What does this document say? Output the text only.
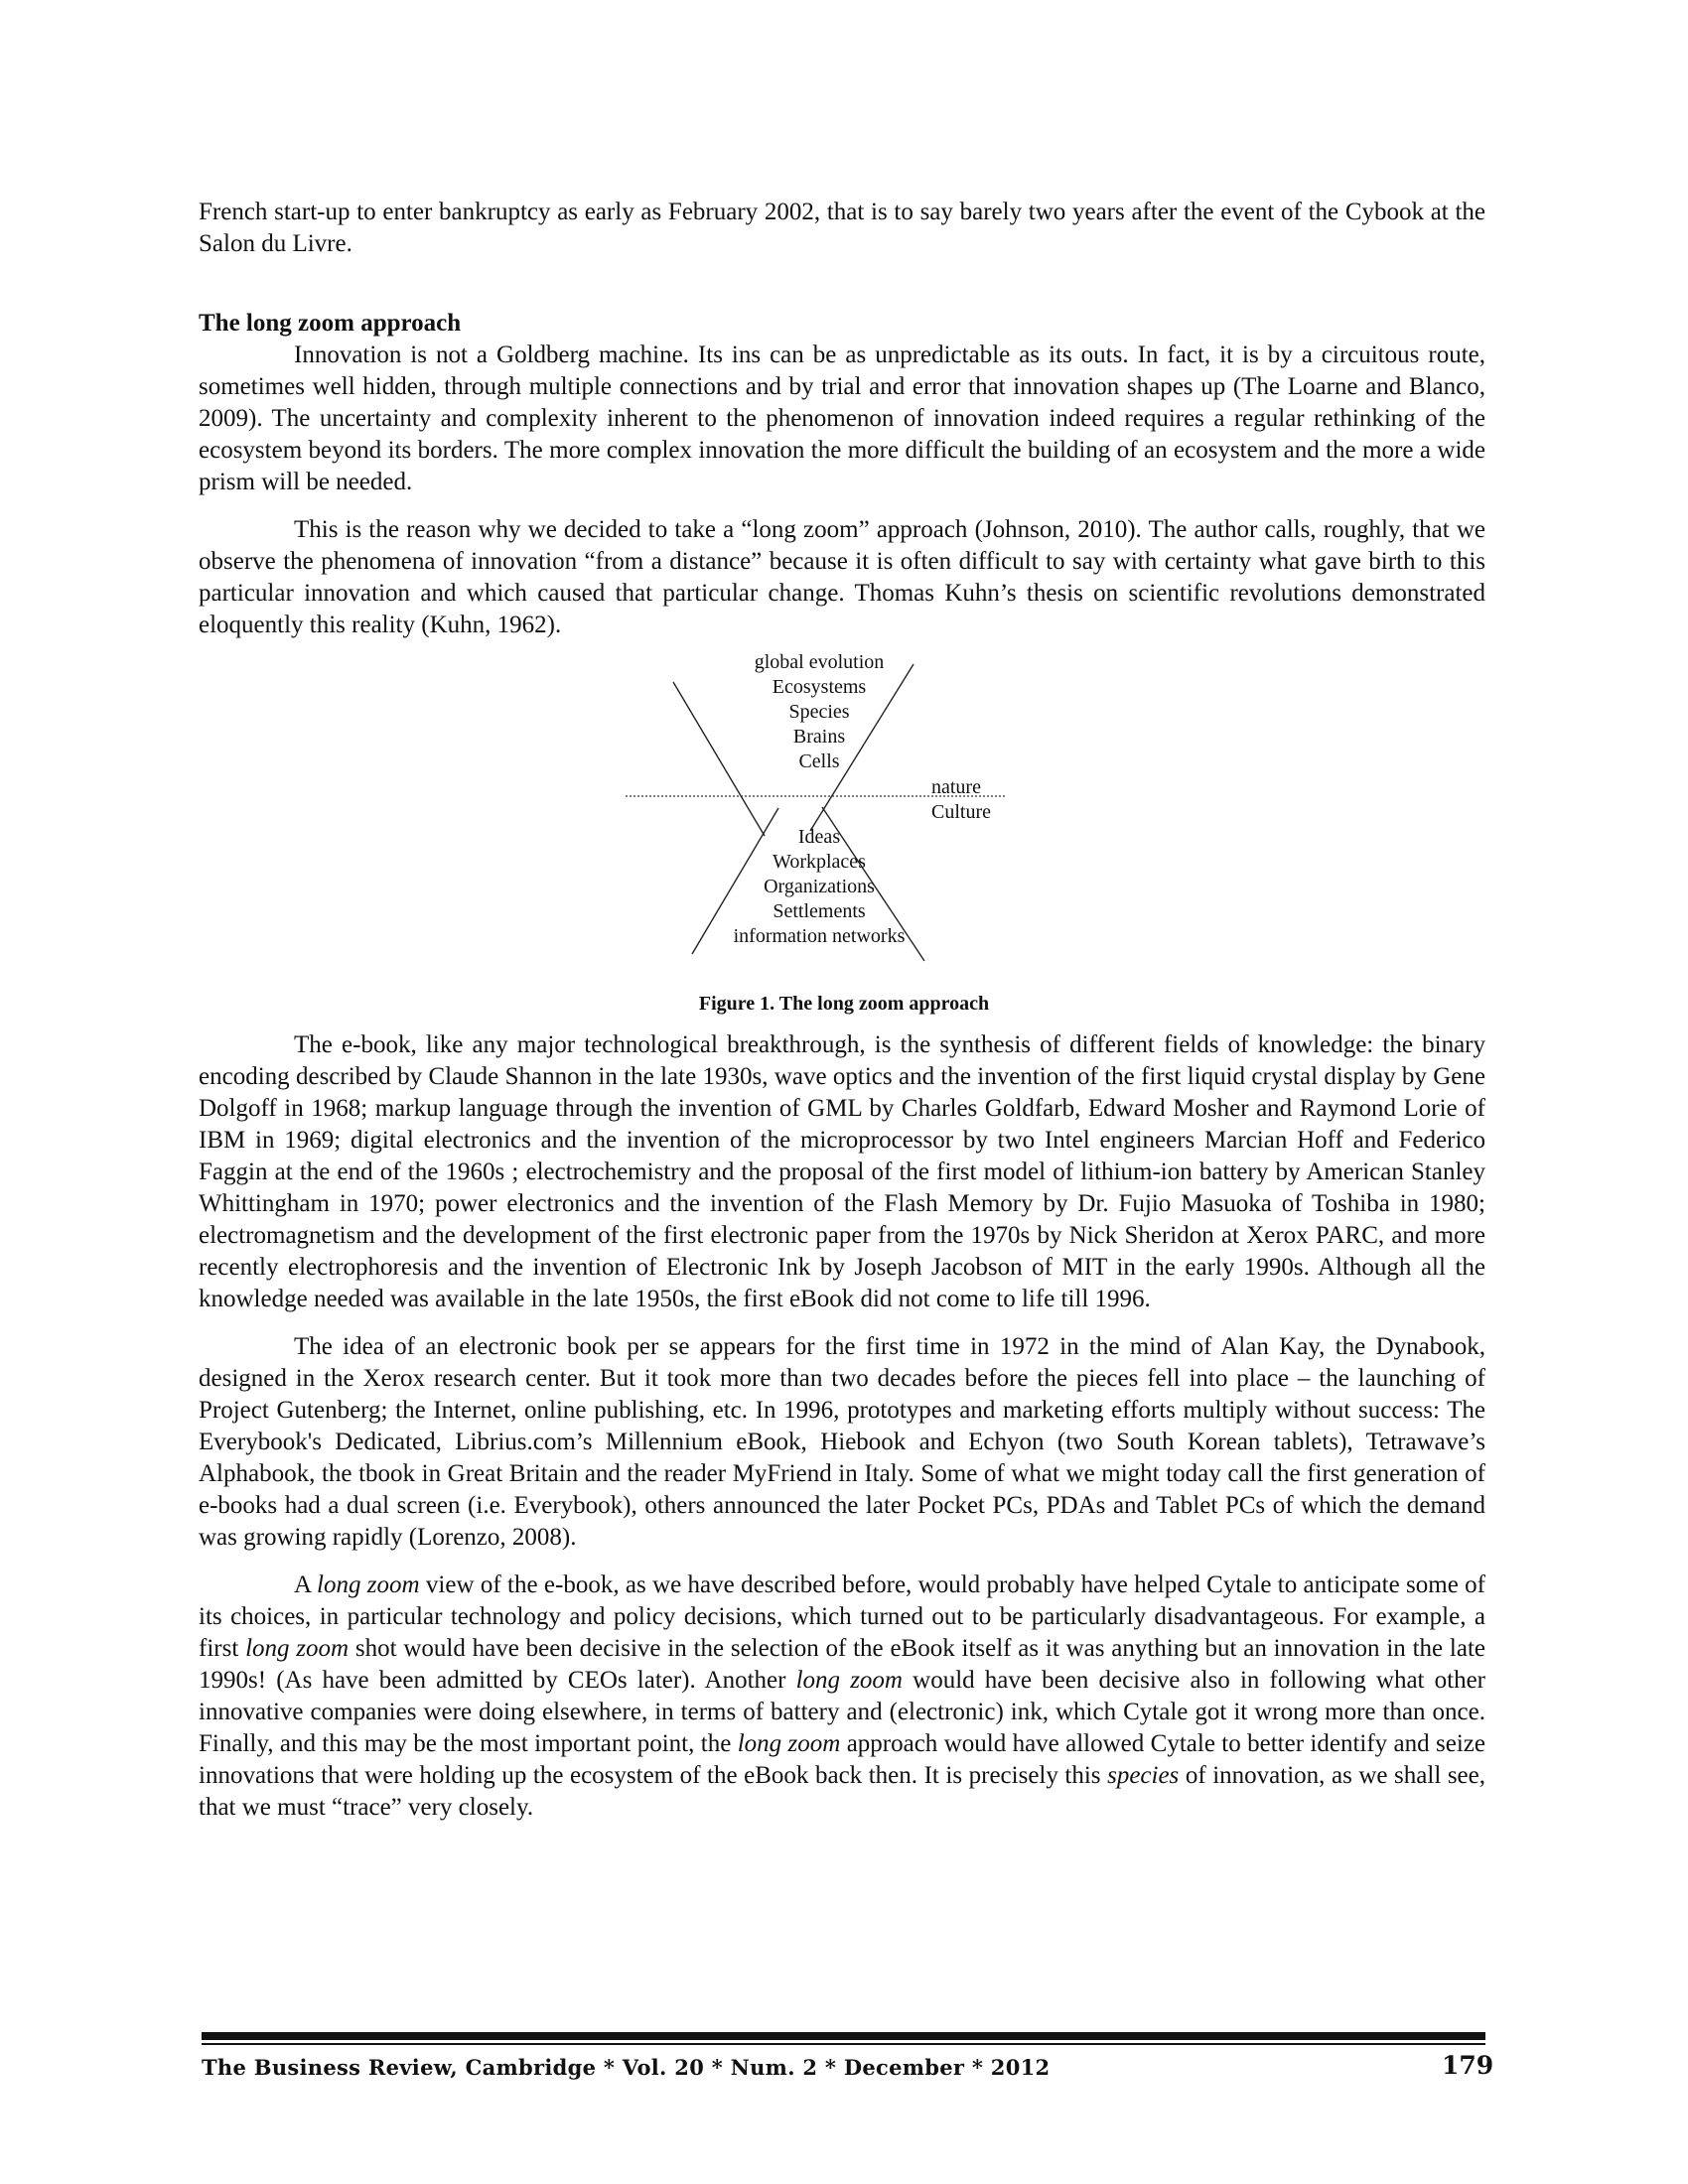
French start-up to enter bankruptcy as early as February 2002, that is to say barely two years after the event of the Cybook at the Salon du Livre.

The long zoom approach

Innovation is not a Goldberg machine. Its ins can be as unpredictable as its outs. In fact, it is by a circuitous route, sometimes well hidden, through multiple connections and by trial and error that innovation shapes up (The Loarne and Blanco, 2009). The uncertainty and complexity inherent to the phenomenon of innovation indeed requires a regular rethinking of the ecosystem beyond its borders. The more complex innovation the more difficult the building of an ecosystem and the more a wide prism will be needed.

This is the reason why we decided to take a “long zoom” approach (Johnson, 2010). The author calls, roughly, that we observe the phenomena of innovation “from a distance” because it is often difficult to say with certainty what gave birth to this particular innovation and which caused that particular change. Thomas Kuhn’s thesis on scientific revolutions demonstrated eloquently this reality (Kuhn, 1962).

global evolution
Ecosystems
Species
Brains
Cells
nature
Culture
Ideas
Workplaces
Organizations
Settlements
information networks
Figure 1. The long zoom approach

The e-book, like any major technological breakthrough, is the synthesis of different fields of knowledge: the binary encoding described by Claude Shannon in the late 1930s, wave optics and the invention of the first liquid crystal display by Gene Dolgoff in 1968; markup language through the invention of GML by Charles Goldfarb, Edward Mosher and Raymond Lorie of IBM in 1969; digital electronics and the invention of the microprocessor by two Intel engineers Marcian Hoff and Federico Faggin at the end of the 1960s ; electrochemistry and the proposal of the first model of lithium-ion battery by American Stanley Whittingham in 1970; power electronics and the invention of the Flash Memory by Dr. Fujio Masuoka of Toshiba in 1980; electromagnetism and the development of the first electronic paper from the 1970s by Nick Sheridon at Xerox PARC, and more recently electrophoresis and the invention of Electronic Ink by Joseph Jacobson of MIT in the early 1990s. Although all the knowledge needed was available in the late 1950s, the first eBook did not come to life till 1996.

The idea of an electronic book per se appears for the first time in 1972 in the mind of Alan Kay, the Dynabook, designed in the Xerox research center. But it took more than two decades before the pieces fell into place – the launching of Project Gutenberg; the Internet, online publishing, etc. In 1996, prototypes and marketing efforts multiply without success: The Everybook's Dedicated, Librius.com’s Millennium eBook, Hiebook and Echyon (two South Korean tablets), Tetrawave’s Alphabook, the tbook in Great Britain and the reader MyFriend in Italy. Some of what we might today call the first generation of e-books had a dual screen (i.e. Everybook), others announced the later Pocket PCs, PDAs and Tablet PCs of which the demand was growing rapidly (Lorenzo, 2008).

A long zoom view of the e-book, as we have described before, would probably have helped Cytale to anticipate some of its choices, in particular technology and policy decisions, which turned out to be particularly disadvantageous. For example, a first long zoom shot would have been decisive in the selection of the eBook itself as it was anything but an innovation in the late 1990s! (As have been admitted by CEOs later). Another long zoom would have been decisive also in following what other innovative companies were doing elsewhere, in terms of battery and (electronic) ink, which Cytale got it wrong more than once. Finally, and this may be the most important point, the long zoom approach would have allowed Cytale to better identify and seize innovations that were holding up the ecosystem of the eBook back then. It is precisely this species of innovation, as we shall see, that we must “trace” very closely.

The Business Review, Cambridge * Vol. 20 * Num. 2 * December * 2012	179
